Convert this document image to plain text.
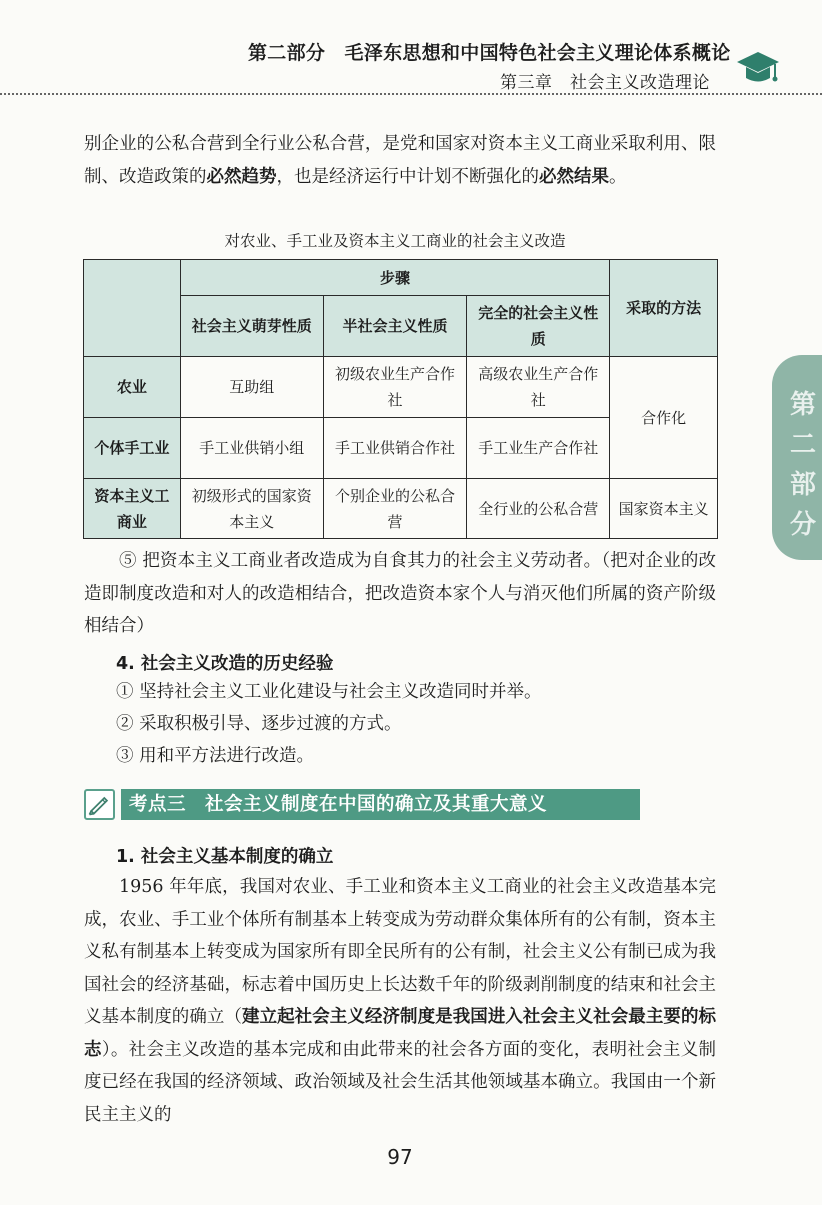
第二部分　毛泽东思想和中国特色社会主义理论体系概论
第三章　社会主义改造理论
别企业的公私合营到全行业公私合营，是党和国家对资本主义工商业采取利用、限制、改造政策的必然趋势，也是经济运行中计划不断强化的必然结果。
对农业、手工业及资本主义工商业的社会主义改造
	步骤			采取的方法
	社会主义萌芽性质	半社会主义性质	完全的社会主义性质	
农业	互助组	初级农业生产合作社	高级农业生产合作社	合作化
个体手工业	手工业供销小组	手工业供销合作社	手工业生产合作社	
资本主义工商业	初级形式的国家资本主义	个别企业的公私合营	全行业的公私合营	国家资本主义
⑤ 把资本主义工商业者改造成为自食其力的社会主义劳动者。（把对企业的改造即制度改造和对人的改造相结合，把改造资本家个人与消灭他们所属的资产阶级相结合）
4. 社会主义改造的历史经验
① 坚持社会主义工业化建设与社会主义改造同时并举。
② 采取积极引导、逐步过渡的方式。
③ 用和平方法进行改造。
考点三　社会主义制度在中国的确立及其重大意义
1. 社会主义基本制度的确立
1956 年年底，我国对农业、手工业和资本主义工商业的社会主义改造基本完成，农业、手工业个体所有制基本上转变成为劳动群众集体所有的公有制，资本主义私有制基本上转变成为国家所有即全民所有的公有制，社会主义公有制已成为我国社会的经济基础，标志着中国历史上长达数千年的阶级剥削制度的结束和社会主义基本制度的确立（建立起社会主义经济制度是我国进入社会主义社会最主要的标志）。社会主义改造的基本完成和由此带来的社会各方面的变化，表明社会主义制度已经在我国的经济领域、政治领域及社会生活其他领域基本确立。我国由一个新民主主义的
第二部分
97
